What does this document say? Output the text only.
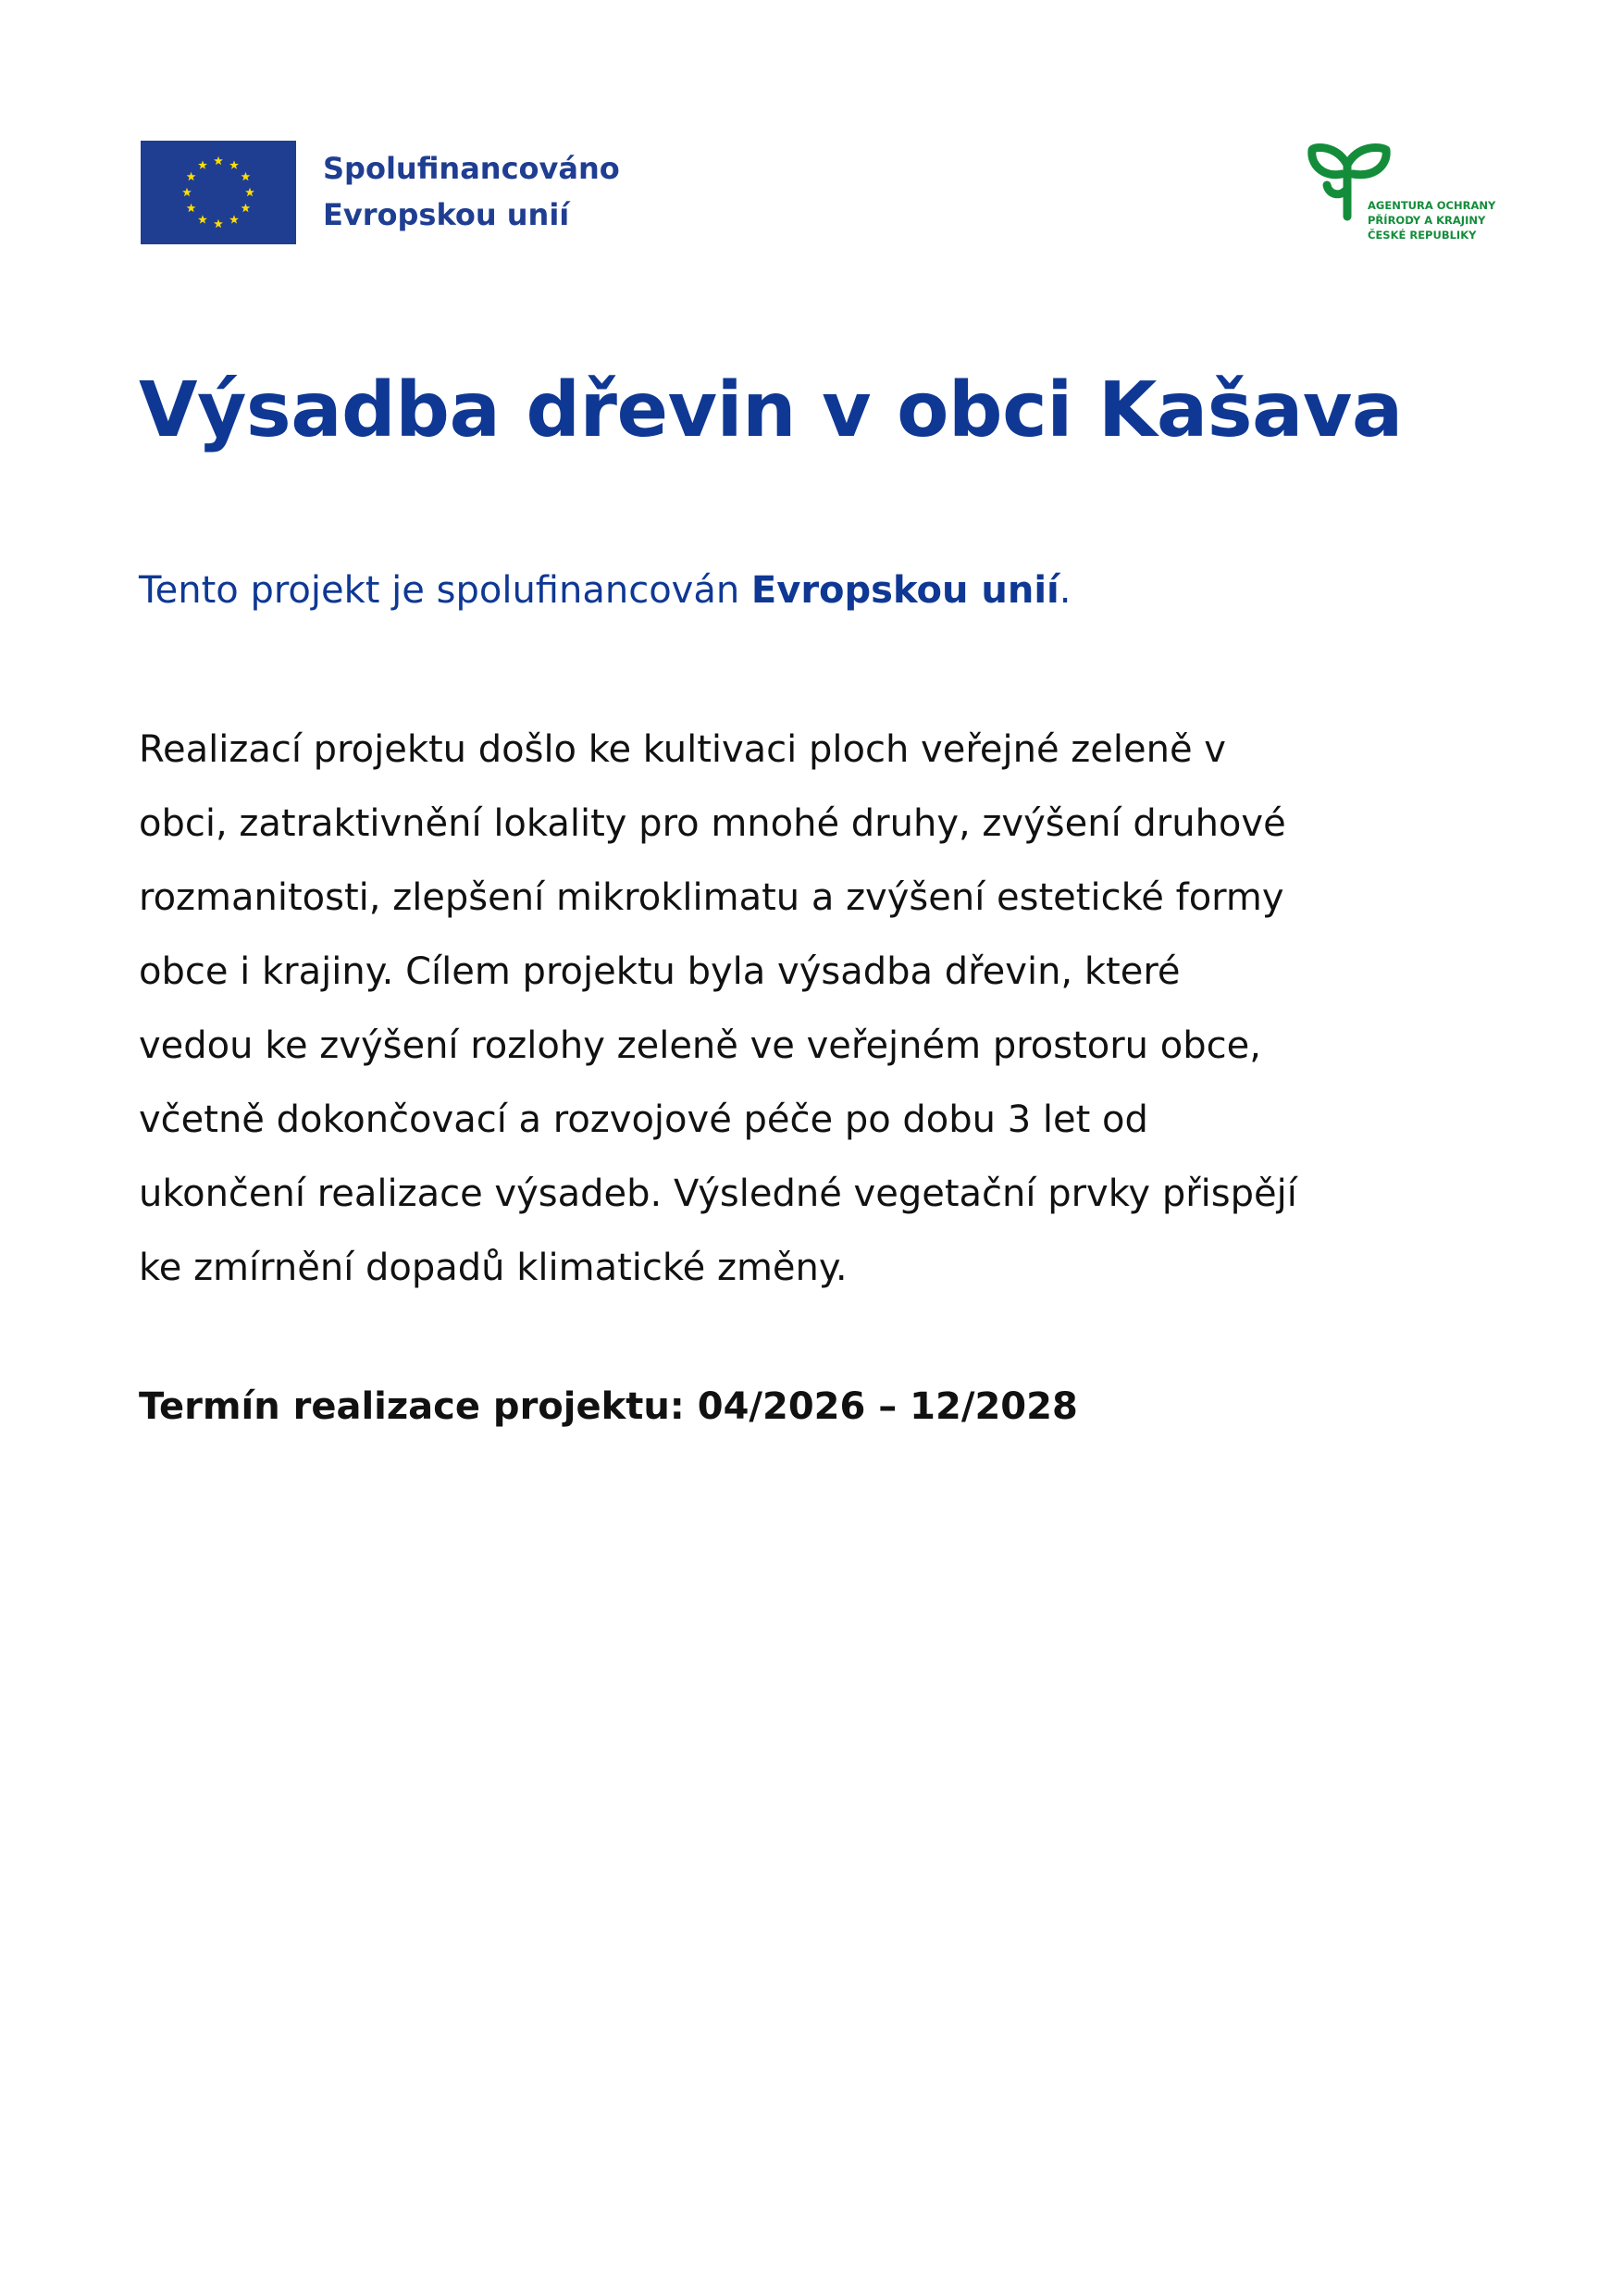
Spolufinancováno
Evropskou unií	AGENTURA OCHRANY
PŘÍRODY A KRAJINY
ČESKÉ REPUBLIKY
Výsadba dřevin v obci Kašava

Tento projekt je spolufinancován Evropskou unií.

Realizací projektu došlo ke kultivaci ploch veřejné zeleně v
obci, zatraktivnění lokality pro mnohé druhy, zvýšení druhové
rozmanitosti, zlepšení mikroklimatu a zvýšení estetické formy
obce i krajiny. Cílem projektu byla výsadba dřevin, které
vedou ke zvýšení rozlohy zeleně ve veřejném prostoru obce,
včetně dokončovací a rozvojové péče po dobu 3 let od
ukončení realizace výsadeb. Výsledné vegetační prvky přispějí
ke zmírnění dopadů klimatické změny.

Termín realizace projektu: 04/2026 – 12/2028
